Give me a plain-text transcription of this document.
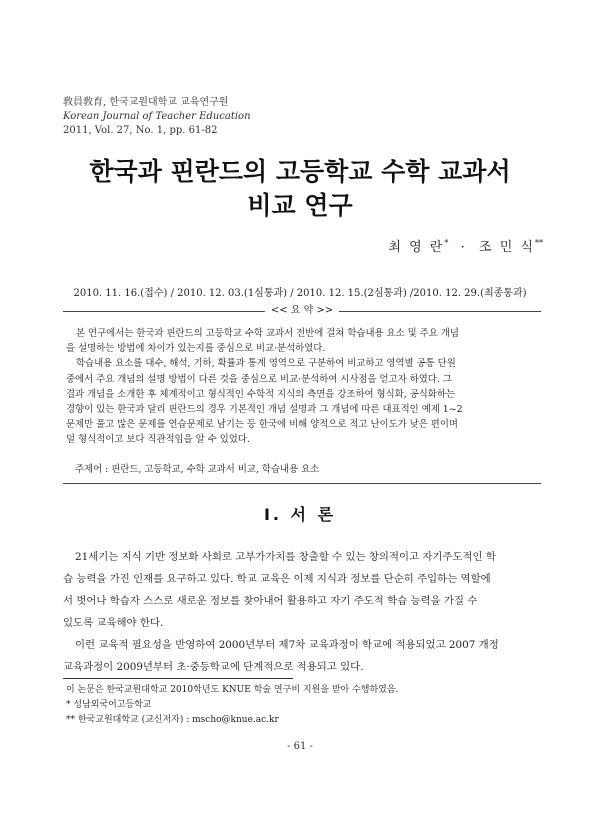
敎員敎育, 한국교원대학교 교육연구원
Korean Journal of Teacher Education
2011, Vol. 27, No. 1, pp. 61-82
한국과 핀란드의 고등학교 수학 교과서
비교 연구
최 영 란* · 조 민 식**
2010. 11. 16.(접수) / 2010. 12. 03.(1심통과) / 2010. 12. 15.(2심통과) /2010. 12. 29.(최종통과)
<< 요 약 >>

본 연구에서는 한국과 핀란드의 고등학교 수학 교과서 전반에 걸쳐 학습내용 요소 및 주요 개념

을 설명하는 방법에 차이가 있는지를 중심으로 비교·분석하였다.

학습내용 요소를 대수, 해석, 기하, 확률과 통계 영역으로 구분하여 비교하고 영역별 공통 단원

중에서 주요 개념의 설명 방법이 다른 것을 중심으로 비교·분석하여 시사점을 얻고자 하였다. 그

결과 개념을 소개한 후 체계적이고 형식적인 수학적 지식의 측면을 강조하여 형식화, 공식화하는

경향이 있는 한국과 달리 핀란드의 경우 기본적인 개념 설명과 그 개념에 따른 대표적인 예제 1~2

문제만 풀고 많은 문제를 연습문제로 남기는 등 한국에 비해 양적으로 적고 난이도가 낮은 편이며

덜 형식적이고 보다 직관적임을 알 수 있었다.

주제어 : 핀란드, 고등학교, 수학 교과서 비교, 학습내용 요소
Ⅰ. 서 론

21세기는 지식 기반 정보화 사회로 고부가가치를 창출할 수 있는 창의적이고 자기주도적인 학

습 능력을 가진 인재를 요구하고 있다. 학교 교육은 이제 지식과 정보를 단순히 주입하는 역할에

서 벗어나 학습자 스스로 새로운 정보를 찾아내어 활용하고 자기 주도적 학습 능력을 가질 수

있도록 교육해야 한다.

이런 교육적 필요성을 반영하여 2000년부터 제7차 교육과정이 학교에 적용되었고 2007 개정

교육과정이 2009년부터 초·중등학교에 단계적으로 적용되고 있다.

이 논문은 한국교원대학교 2010학년도 KNUE 학술 연구비 지원을 받아 수행하였음.
* 성남외국어고등학교
** 한국교원대학교 (교신저자) : mscho@knue.ac.kr
- 61 -
